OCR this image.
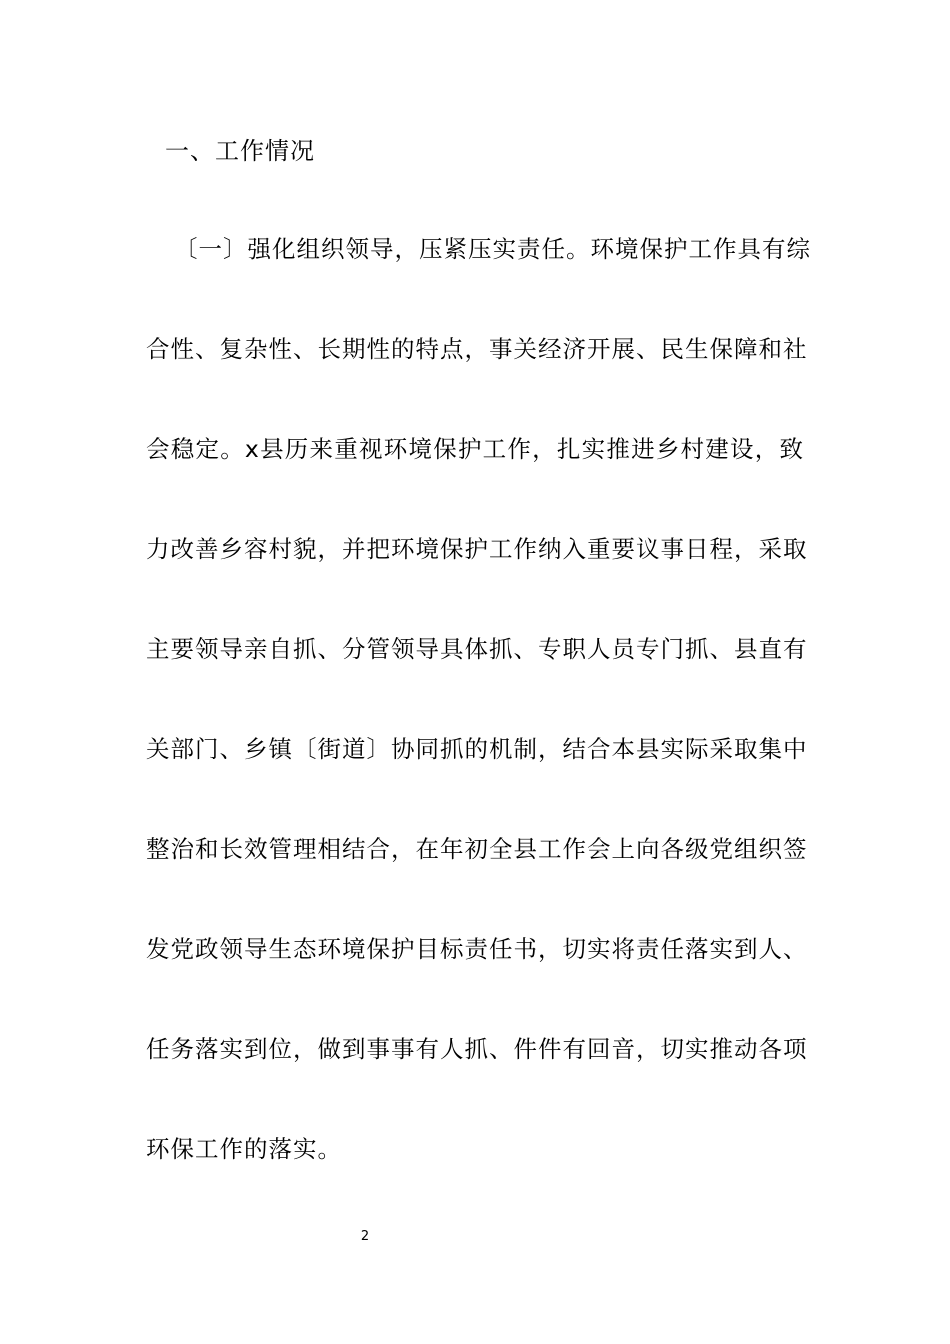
一、工作情况
〔一〕强化组织领导，压紧压实责任。环境保护工作具有综
合性、复杂性、长期性的特点，事关经济开展、民生保障和社
会稳定。x县历来重视环境保护工作，扎实推进乡村建设，致
力改善乡容村貌，并把环境保护工作纳入重要议事日程，采取
主要领导亲自抓、分管领导具体抓、专职人员专门抓、县直有
关部门、乡镇〔街道〕协同抓的机制，结合本县实际采取集中
整治和长效管理相结合，在年初全县工作会上向各级党组织签
发党政领导生态环境保护目标责任书，切实将责任落实到人、
任务落实到位，做到事事有人抓、件件有回音，切实推动各项
环保工作的落实。
2
